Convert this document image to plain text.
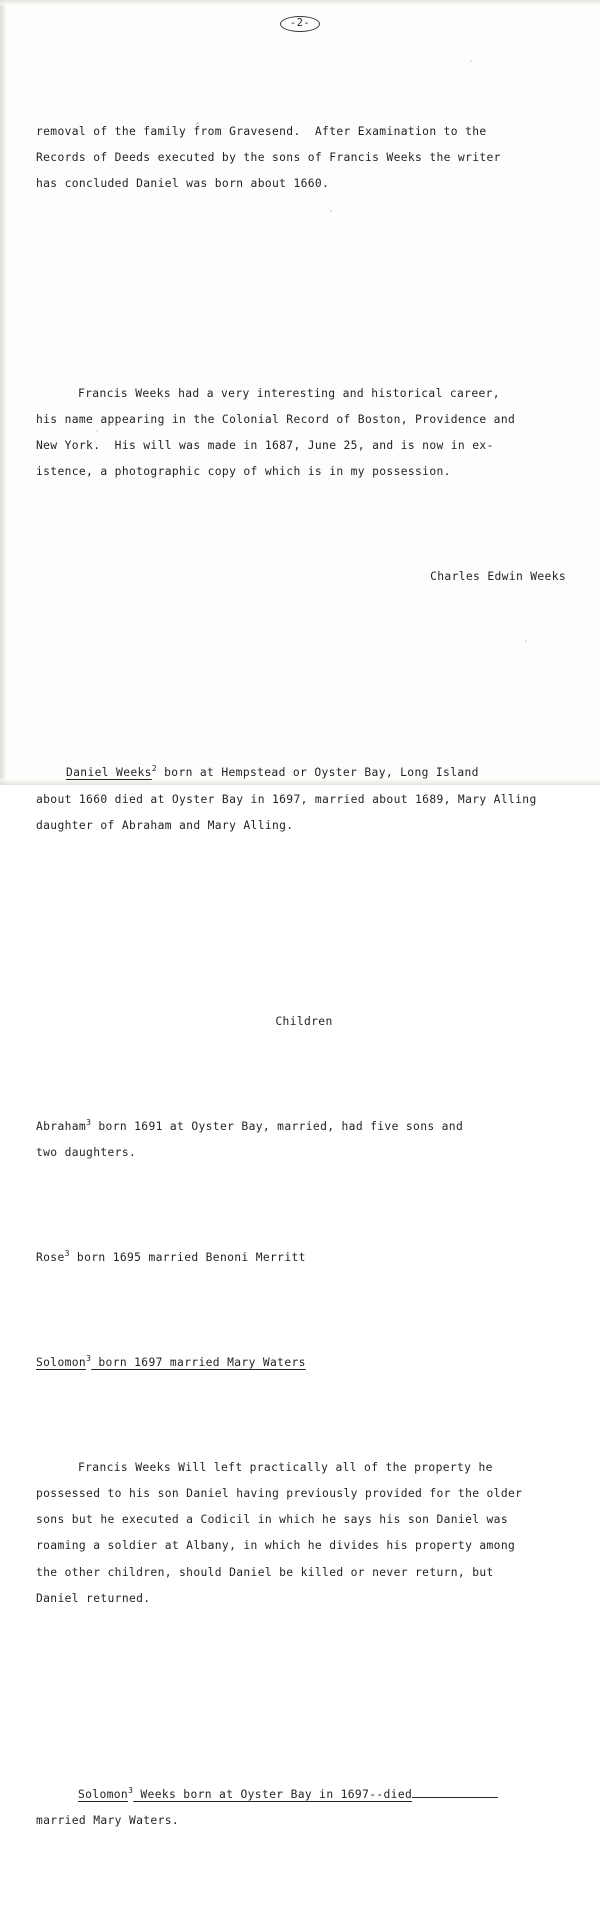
-2-

removal of the family from Gravesend.  After Examination to the
Records of Deeds executed by the sons of Francis Weeks the writer
has concluded Daniel was born about 1660.

Francis Weeks had a very interesting and historical career,
his name appearing in the Colonial Record of Boston, Providence and
New York.  His will was made in 1687, June 25, and is now in ex-
istence, a photographic copy of which is in my possession.

Charles Edwin Weeks

Daniel Weeks$^2$ born at Hempstead or Oyster Bay, Long Island
about 1660 died at Oyster Bay in 1697, married about 1689, Mary Alling
daughter of Abraham and Mary Alling.

Children

Abraham$^3$ born 1691 at Oyster Bay, married, had five sons and
two daughters.

Rose$^3$ born 1695 married Benoni Merritt

Solomon$^3$ born 1697 married Mary Waters

Francis Weeks Will left practically all of the property he
possessed to his son Daniel having previously provided for the older
sons but he executed a Codicil in which he says his son Daniel was
roaming a soldier at Albany, in which he divides his property among
the other children, should Daniel be killed or never return, but
Daniel returned.

Solomon$^3$ Weeks born at Oyster Bay in 1697--died
married Mary Waters.
